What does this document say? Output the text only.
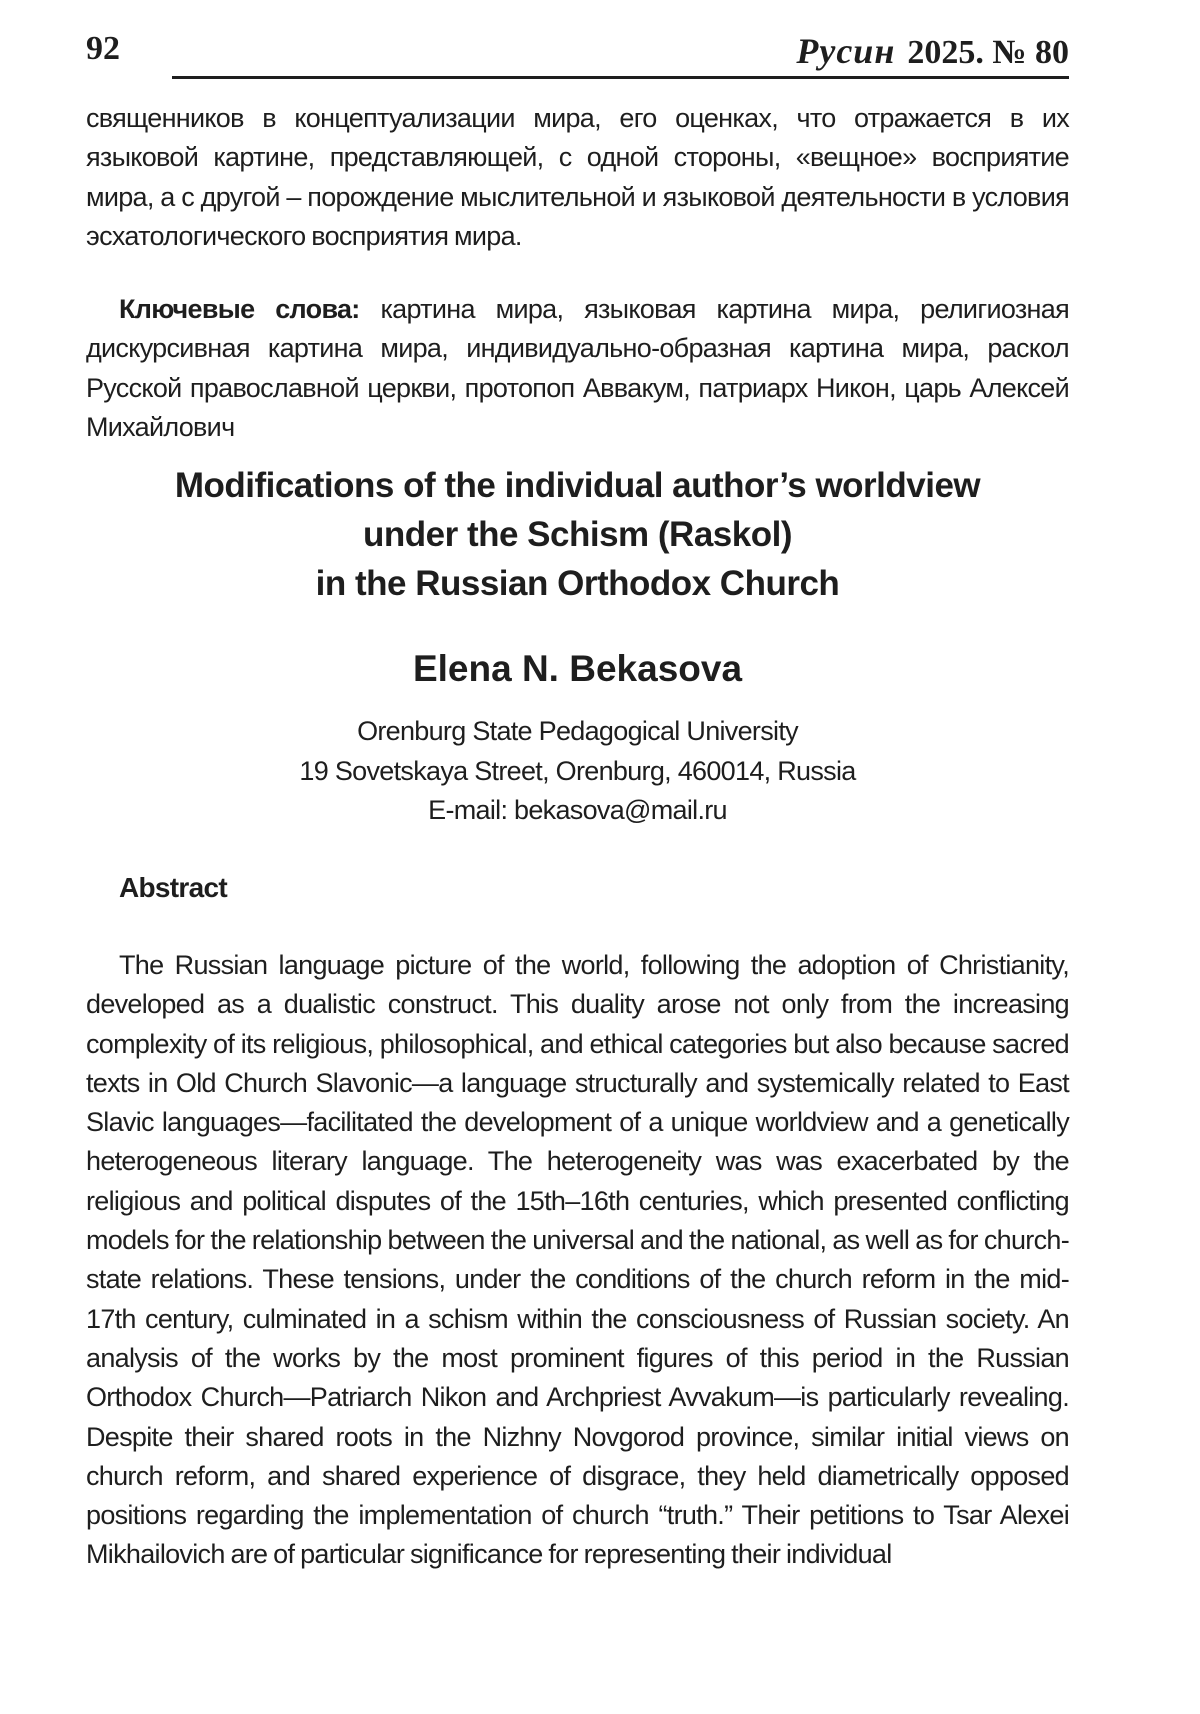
92	Русин 2025. № 80
священников в концептуализации мира, его оценках, что отражается в их языковой картине, представляющей, с одной стороны, «вещное» восприятие мира, а с другой – порождение мыслительной и языковой деятельности в условия эсхатологического восприятия мира.
Ключевые слова: картина мира, языковая картина мира, религиозная дискурсивная картина мира, индивидуально-образная картина мира, раскол Русской православной церкви, протопоп Аввакум, патриарх Никон, царь Алексей Михайлович
Modifications of the individual author’s worldview
under the Schism (Raskol)
in the Russian Orthodox Church
Elena N. Bekasova
Orenburg State Pedagogical University
19 Sovetskaya Street, Orenburg, 460014, Russia
E-mail: bekasova@mail.ru
Abstract
The Russian language picture of the world, following the adoption of Christianity, developed as a dualistic construct. This duality arose not only from the increasing complexity of its religious, philosophical, and ethical categories but also because sacred texts in Old Church Slavonic—a language structurally and systemically related to East Slavic languages—facilitated the development of a unique worldview and a genetically heterogeneous literary language. The heterogeneity was was exacerbated by the religious and political disputes of the 15th–16th centuries, which presented conflicting models for the relationship between the universal and the national, as well as for church-state relations. These tensions, under the conditions of the church reform in the mid-17th century, culminated in a schism within the consciousness of Russian society. An analysis of the works by the most prominent figures of this period in the Russian Orthodox Church—Patriarch Nikon and Archpriest Avvakum—is particularly revealing. Despite their shared roots in the Nizhny Novgorod province, similar initial views on church reform, and shared experience of disgrace, they held diametrically opposed positions regarding the implementation of church “truth.” Their petitions to Tsar Alexei Mikhailovich are of particular significance for representing their individual
